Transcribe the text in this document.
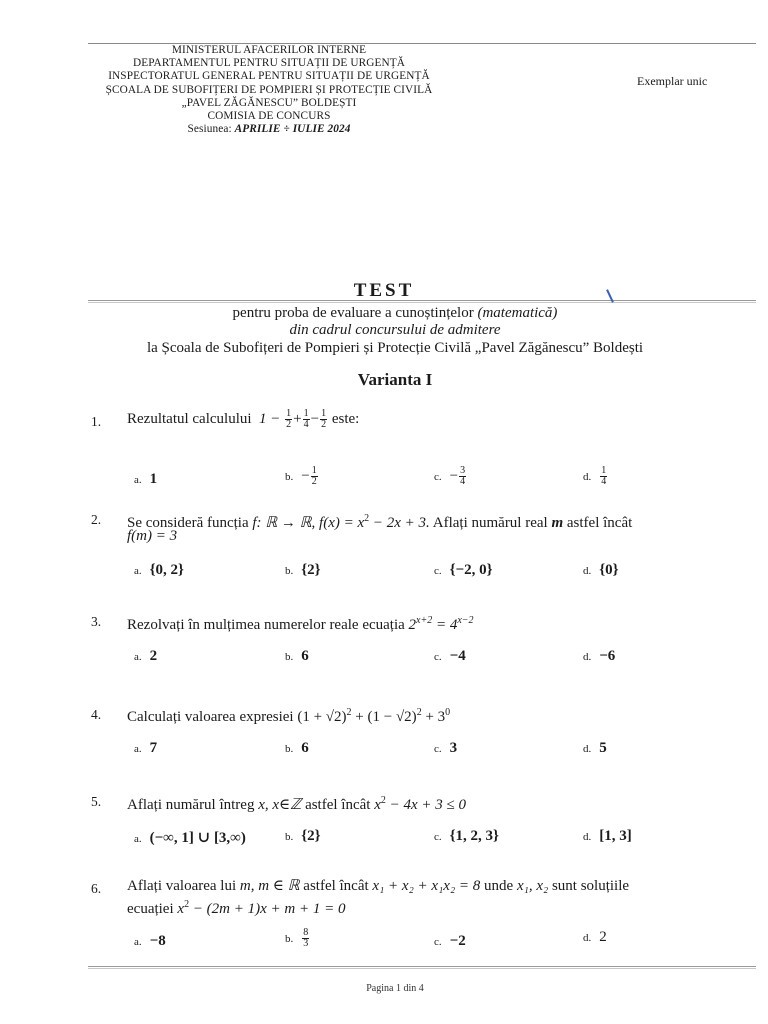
MINISTERUL AFACERILOR INTERNE
DEPARTAMENTUL PENTRU SITUAȚII DE URGENȚĂ
INSPECTORATUL GENERAL PENTRU SITUAȚII DE URGENȚĂ
ȘCOALA DE SUBOFIȚERI DE POMPIERI ȘI PROTECȚIE CIVILĂ
„PAVEL ZĂGĂNESCU” BOLDEȘTI
COMISIA DE CONCURS
Sesiunea: APRILIE ÷ IULIE 2024
Exemplar unic
TEST
pentru proba de evaluare a cunoștințelor (matematică)
din cadrul concursului de admitere
la Școala de Subofițeri de Pompieri și Protecție Civilă „Pavel Zăgănescu” Boldești
Varianta I
1. Rezultatul calculului $1 - \frac{1}{2} + \frac{1}{4} - \frac{1}{2}$ este:
a. 1	b. − $\frac{1}{2}$	c. − $\frac{3}{4}$	d. $\frac{1}{4}$
2. Se consideră funcția f: ℝ → ℝ, $f(x) = x^2 - 2x + 3$. Aflați numărul real m astfel încât
f(m) = 3
a. {0, 2}	b. {2}	c. {−2, 0}	d. {0}
3. Rezolvați în mulțimea numerelor reale ecuația $2^{x+2} = 4^{x-2}$
a. 2	b. 6	c. −4	d. −6
4. Calculați valoarea expresiei $(1 + √2)^2 + (1 - √2)^2 + 3^0$
a. 7	b. 6	c. 3	d. 5
5. Aflați numărul întreg x, x∈ℤ astfel încât $x^2 - 4x + 3 \le 0$
a. (−∞, 1] ∪ [3,∞)	b. {2}	c. {1, 2, 3}	d. [1, 3]
6. Aflați valoarea lui m, m ∈ ℝ astfel încât x₁ + x₂ + x₁x₂ = 8 unde x₁, x₂ sunt soluțiile
ecuației $x^2 - (2m + 1)x + m + 1 = 0$
a. −8	b. $\frac{8}{3}$	c. −2	d. 2
Pagina 1 din 4
